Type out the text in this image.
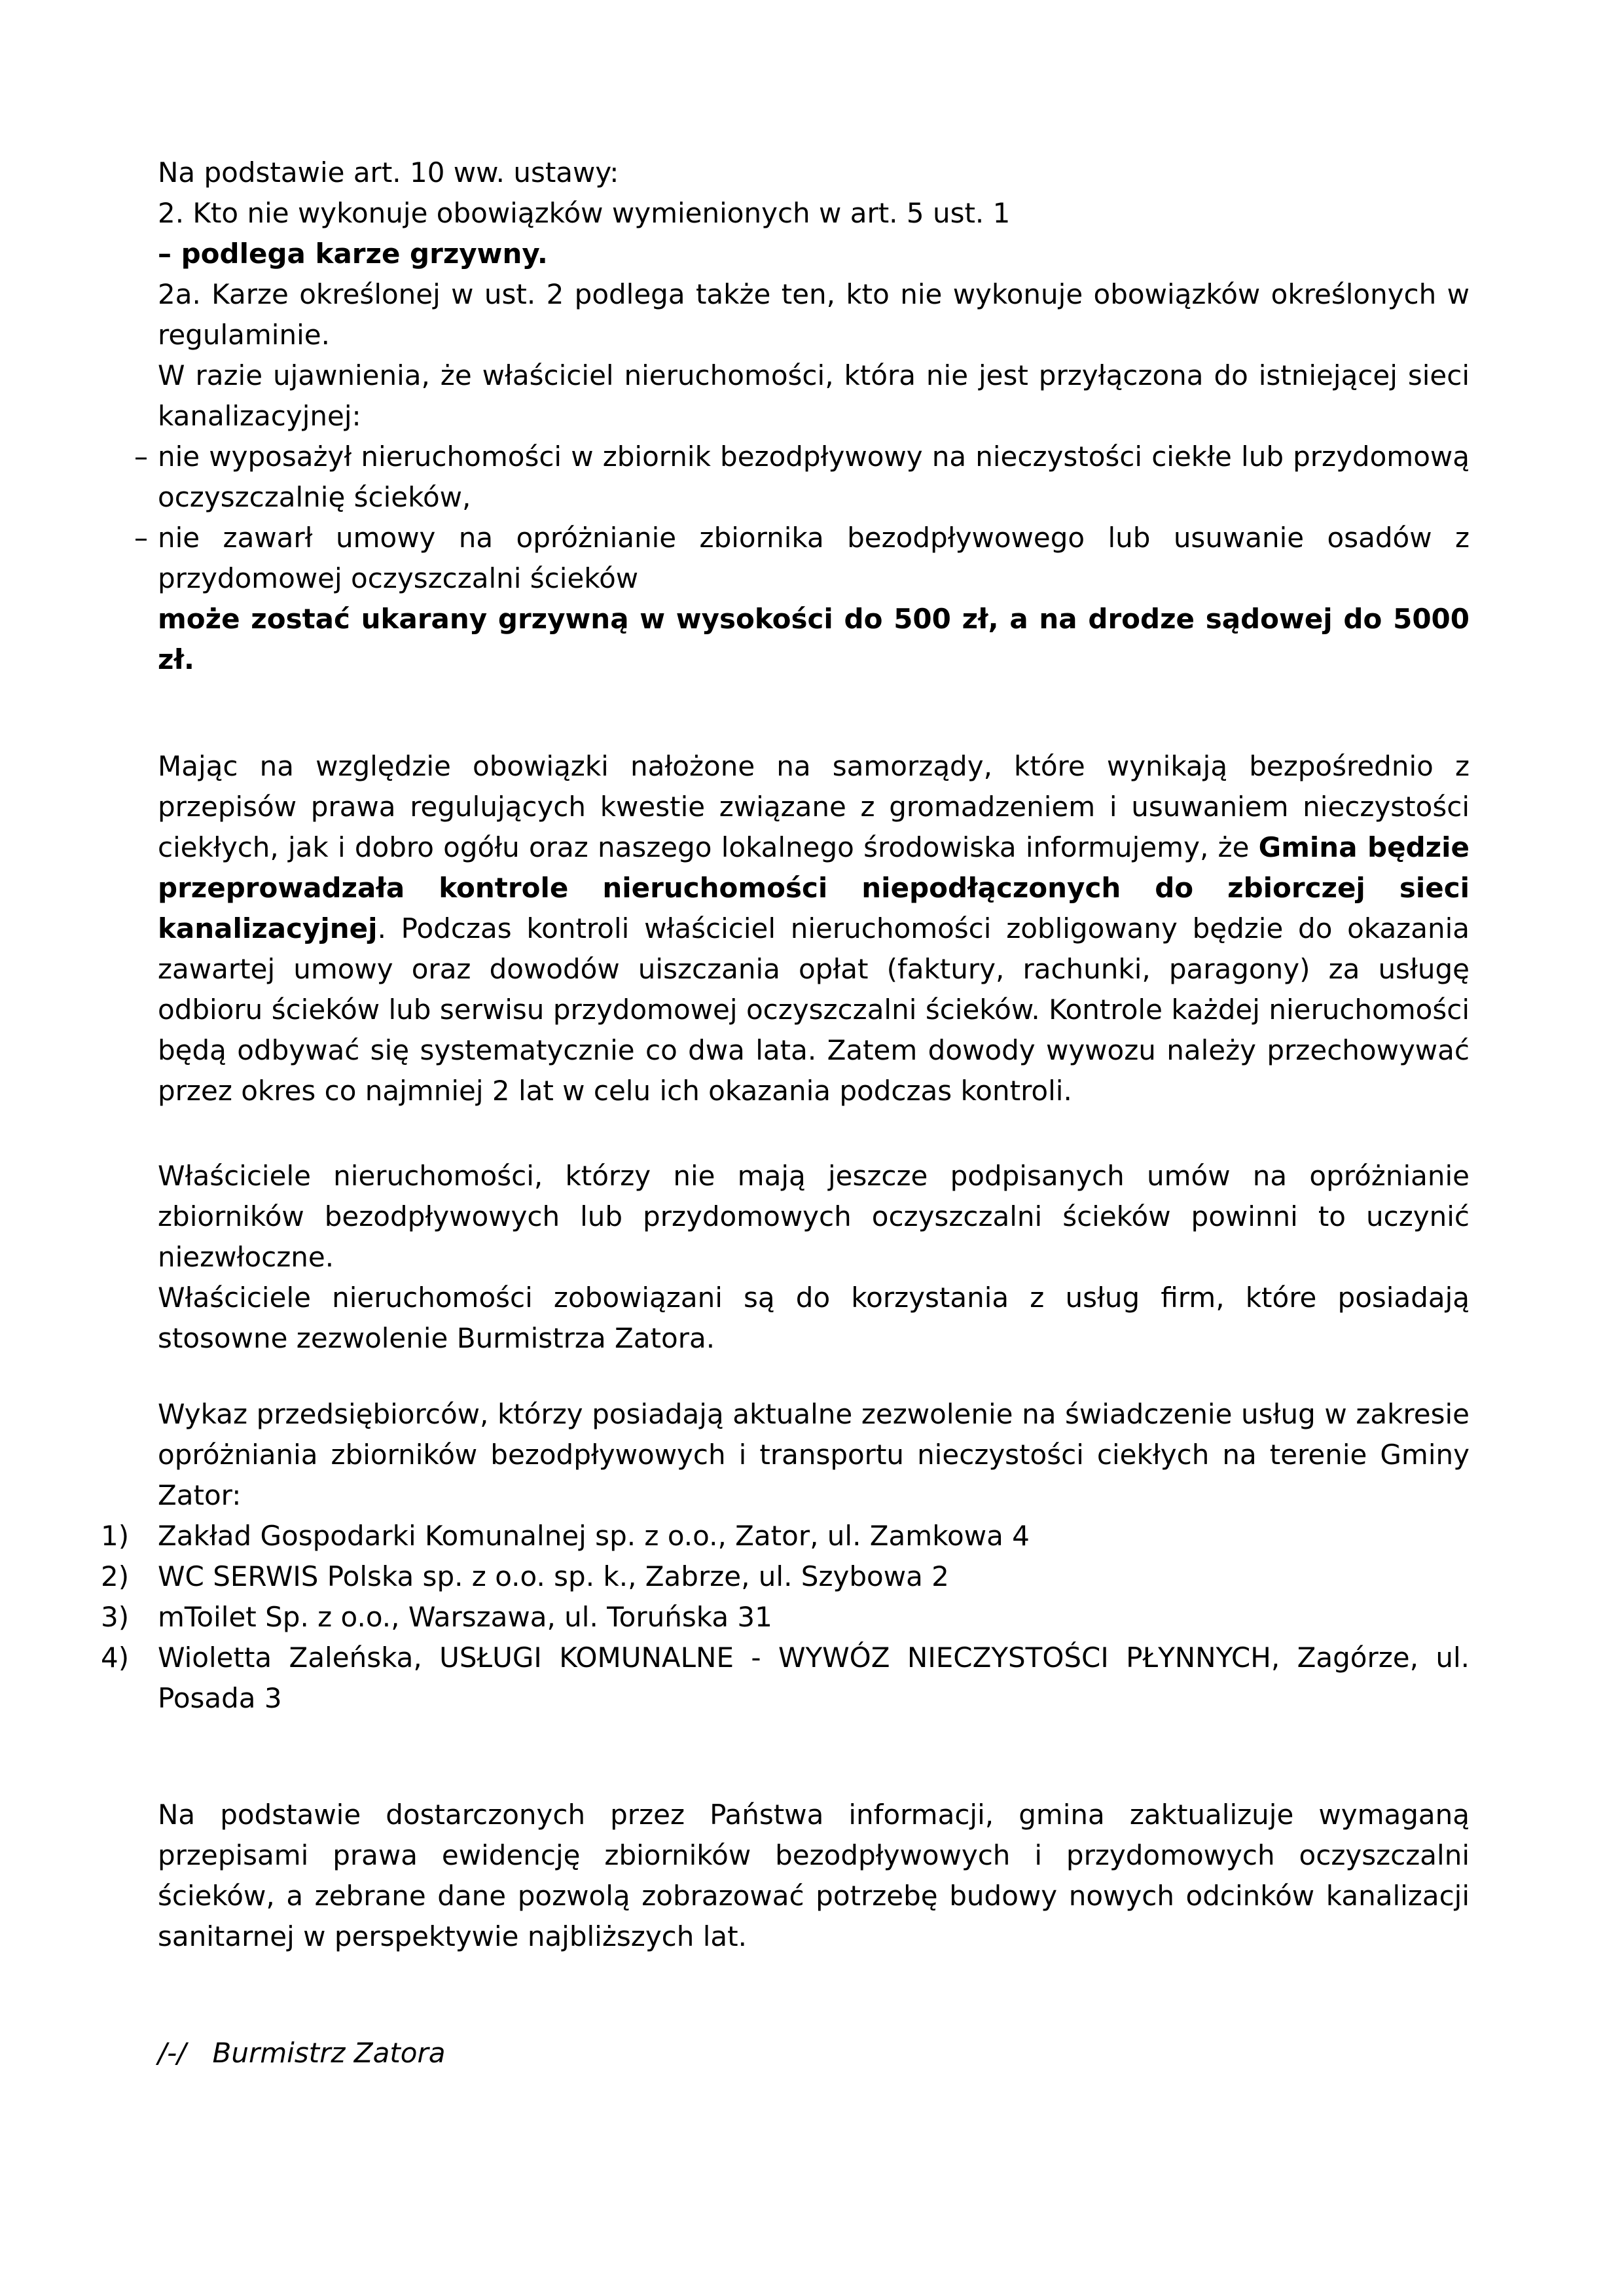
Na podstawie art. 10 ww. ustawy:

2. Kto nie wykonuje obowiązków wymienionych w art. 5 ust. 1

– podlega karze grzywny.

2a. Karze określonej w ust. 2 podlega także ten, kto nie wykonuje obowiązków określonych w regulaminie.

W razie ujawnienia, że właściciel nieruchomości, która nie jest przyłączona do istniejącej sieci kanalizacyjnej:

– nie wyposażył nieruchomości w zbiornik bezodpływowy na nieczystości ciekłe lub przydomową oczyszczalnię ścieków,

– nie zawarł umowy na opróżnianie zbiornika bezodpływowego lub usuwanie osadów z przydomowej oczyszczalni ścieków

może zostać ukarany grzywną w wysokości do 500 zł, a na drodze sądowej do 5000 zł.

Mając na względzie obowiązki nałożone na samorządy, które wynikają bezpośrednio z przepisów prawa regulujących kwestie związane z gromadzeniem i usuwaniem nieczystości ciekłych, jak i dobro ogółu oraz naszego lokalnego środowiska informujemy, że Gmina będzie przeprowadzała kontrole nieruchomości niepodłączonych do zbiorczej sieci kanalizacyjnej. Podczas kontroli właściciel nieruchomości zobligowany będzie do okazania zawartej umowy oraz dowodów uiszczania opłat (faktury, rachunki, paragony) za usługę odbioru ścieków lub serwisu przydomowej oczyszczalni ścieków. Kontrole każdej nieruchomości będą odbywać się systematycznie co dwa lata. Zatem dowody wywozu należy przechowywać przez okres co najmniej 2 lat w celu ich okazania podczas kontroli.

Właściciele nieruchomości, którzy nie mają jeszcze podpisanych umów na opróżnianie zbiorników bezodpływowych lub przydomowych oczyszczalni ścieków powinni to uczynić niezwłoczne.

Właściciele nieruchomości zobowiązani są do korzystania z usług firm, które posiadają stosowne zezwolenie Burmistrza Zatora.

Wykaz przedsiębiorców, którzy posiadają aktualne zezwolenie na świadczenie usług w zakresie opróżniania zbiorników bezodpływowych i transportu nieczystości ciekłych na terenie Gminy Zator:

1) Zakład Gospodarki Komunalnej sp. z o.o., Zator, ul. Zamkowa 4

2) WC SERWIS Polska sp. z o.o. sp. k., Zabrze, ul. Szybowa 2

3) mToilet Sp. z o.o., Warszawa, ul. Toruńska 31

4) Wioletta Zaleńska, USŁUGI KOMUNALNE - WYWÓZ NIECZYSTOŚCI PŁYNNYCH, Zagórze, ul. Posada 3

Na podstawie dostarczonych przez Państwa informacji, gmina zaktualizuje wymaganą przepisami prawa ewidencję zbiorników bezodpływowych i przydomowych oczyszczalni ścieków, a zebrane dane pozwolą zobrazować potrzebę budowy nowych odcinków kanalizacji sanitarnej w perspektywie najbliższych lat.

/-/   Burmistrz Zatora
